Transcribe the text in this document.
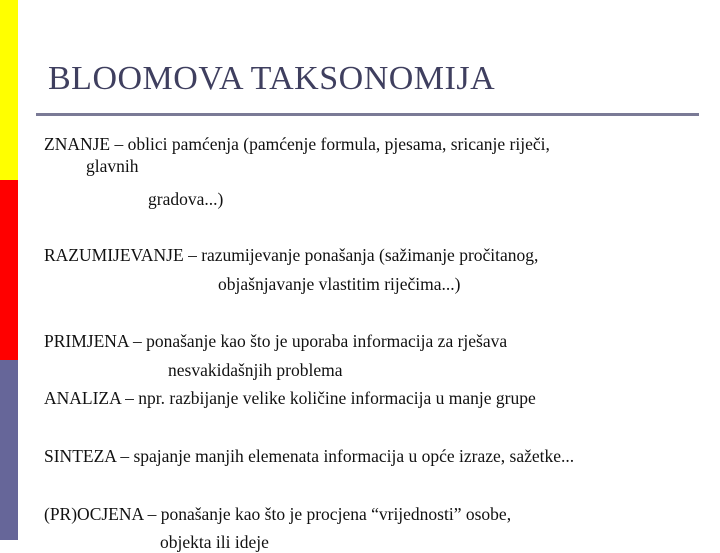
BLOOMOVA TAKSONOMIJA
ZNANJE – oblici pamćenja (pamćenje formula, pjesama, sricanje riječi,
glavnih
gradova...)
RAZUMIJEVANJE – razumijevanje ponašanja (sažimanje pročitanog,
objašnjavanje vlastitim riječima...)
PRIMJENA – ponašanje kao što je uporaba informacija za rješava
nesvakidašnjih problema
ANALIZA – npr. razbijanje velike količine informacija u manje grupe
SINTEZA – spajanje manjih elemenata informacija u opće izraze, sažetke...
(PR)OCJENA – ponašanje kao što je procjena “vrijednosti” osobe,
objekta ili ideje
